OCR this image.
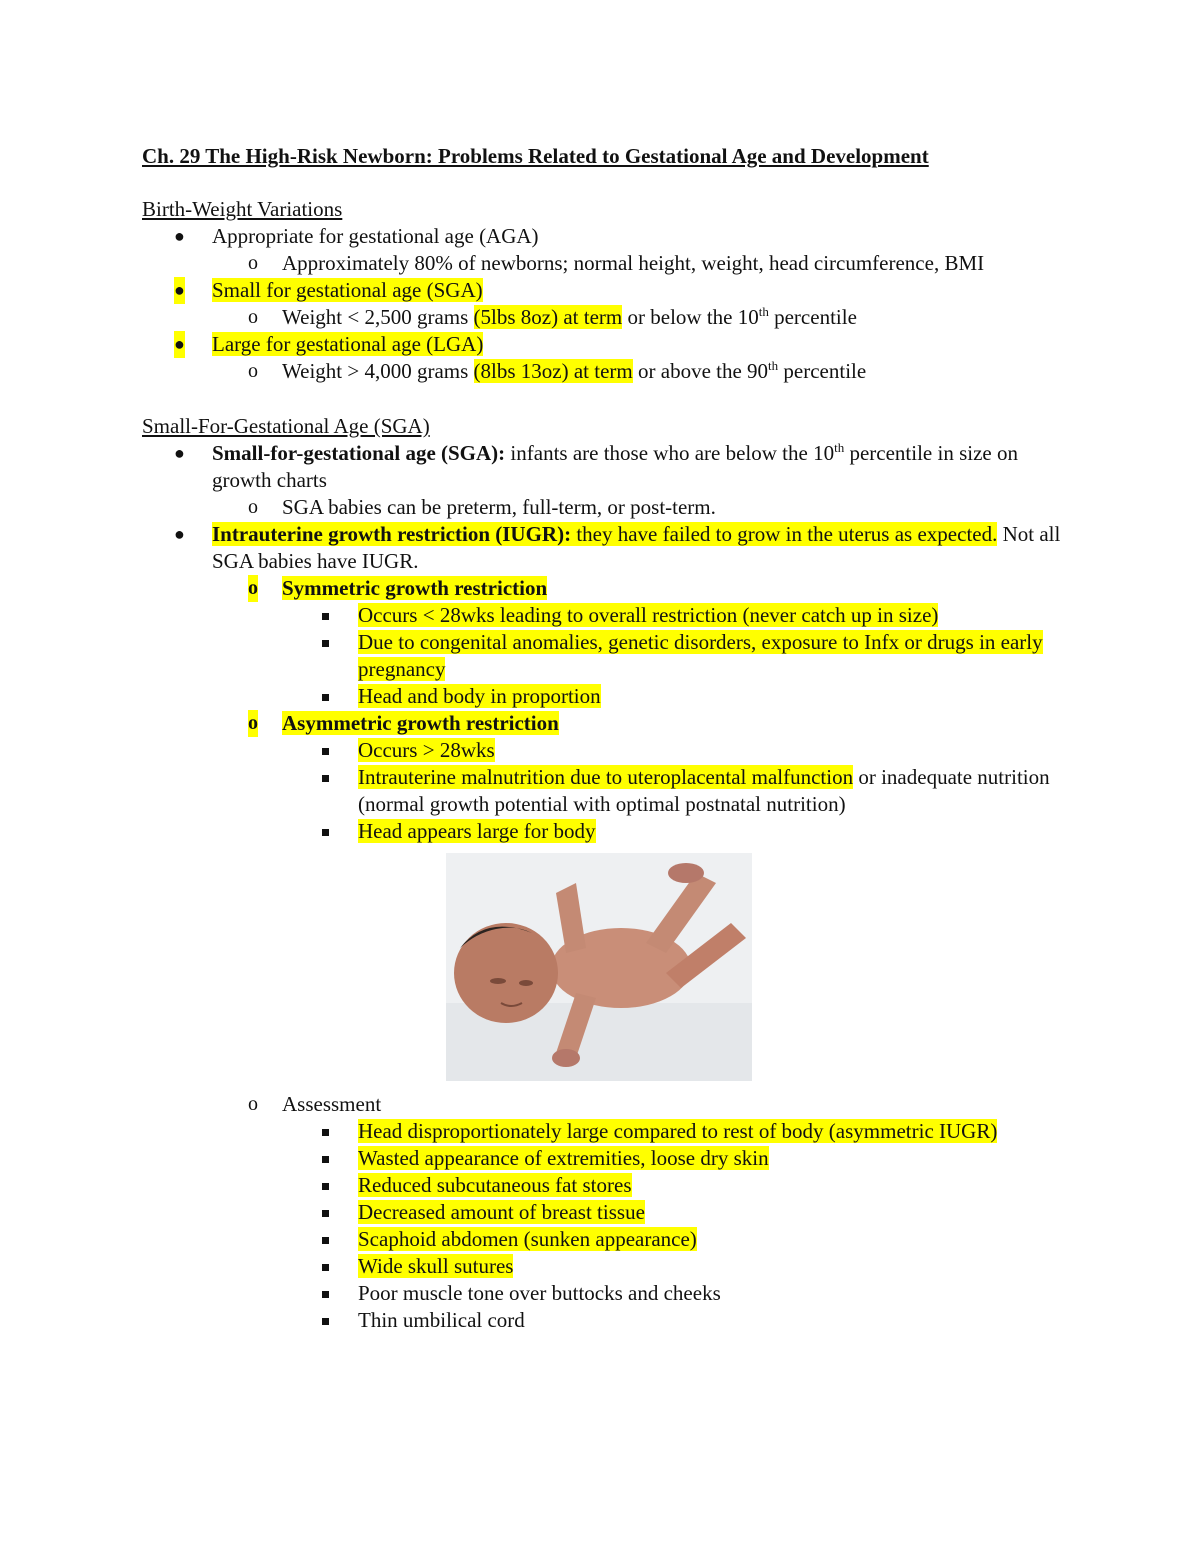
Ch. 29 The High-Risk Newborn: Problems Related to Gestational Age and Development

Birth-Weight Variations

● Appropriate for gestational age (AGA)

o Approximately 80% of newborns; normal height, weight, head circumference, BMI

● Small for gestational age (SGA)

o Weight < 2,500 grams (5lbs 8oz) at term or below the 10th percentile

● Large for gestational age (LGA)

o Weight > 4,000 grams (8lbs 13oz) at term or above the 90th percentile

Small-For-Gestational Age (SGA)

● Small-for-gestational age (SGA): infants are those who are below the 10th percentile in size on growth charts

o SGA babies can be preterm, full-term, or post-term.

● Intrauterine growth restriction (IUGR): they have failed to grow in the uterus as expected. Not all SGA babies have IUGR.

o Symmetric growth restriction

Occurs < 28wks leading to overall restriction (never catch up in size)

Due to congenital anomalies, genetic disorders, exposure to Infx or drugs in early pregnancy

Head and body in proportion

o Asymmetric growth restriction

Occurs > 28wks

Intrauterine malnutrition due to uteroplacental malfunction or inadequate nutrition (normal growth potential with optimal postnatal nutrition)

Head appears large for body

o Assessment

Head disproportionately large compared to rest of body (asymmetric IUGR)

Wasted appearance of extremities, loose dry skin

Reduced subcutaneous fat stores

Decreased amount of breast tissue

Scaphoid abdomen (sunken appearance)

Wide skull sutures

Poor muscle tone over buttocks and cheeks

Thin umbilical cord
